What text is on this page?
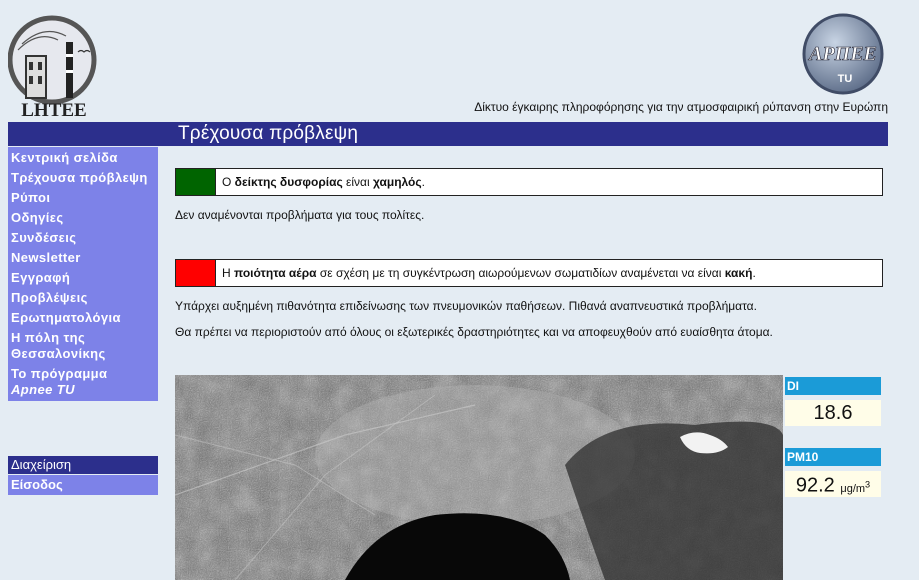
LHTEE
ΑΡΠΕΕ
TU
Δίκτυο έγκαιρης πληροφόρησης για την ατμοσφαιρική ρύπανση στην Ευρώπη
Τρέχουσα πρόβλεψη
Κεντρική σελίδα
Τρέχουσα πρόβλεψη
Ρύποι
Οδηγίες
Συνδέσεις
Newsletter
Εγγραφή
Προβλέψεις
Ερωτηματολόγια
Η πόλη της
Θεσσαλονίκης
Το πρόγραμμα
Apnee TU
Διαχείριση
Είσοδος
Ο δείκτης δυσφορίας είναι χαμηλός.
Δεν αναμένονται προβλήματα για τους πολίτες.
Η ποιότητα αέρα σε σχέση με τη συγκέντρωση αιωρούμενων σωματιδίων αναμένεται να είναι κακή.
Υπάρχει αυξημένη πιθανότητα επιδείνωσης των πνευμονικών παθήσεων. Πιθανά αναπνευστικά προβλήματα.
Θα πρέπει να περιοριστούν από όλους οι εξωτερικές δραστηριότητες και να αποφευχθούν από ευαίσθητα άτομα.
DI
18.6
PM10
92.2 $\mu g/m^3$
